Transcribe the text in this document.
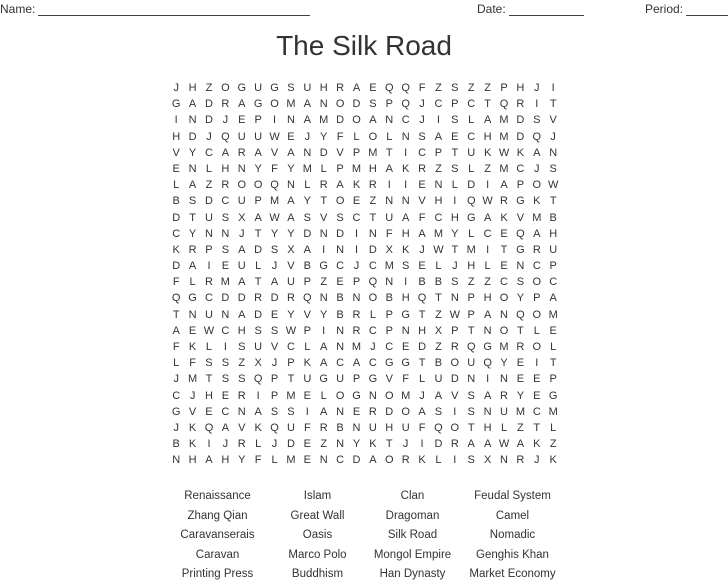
Name:	Date:	Period:
The Silk Road
J H Z O G U G S U H R A E Q Q F Z S Z Z P H J	I
G A D R A G O M A N O D S P Q J C P C T Q R I	T
I N D J E P	I N A M D O A N C J	I	S L A M D S V
H D J Q U U W E J Y F L O L N S A E C H M D Q J
V Y C A R A V A N D V P M T	I C P T U K W K A N
E N L H N Y F Y M L P M H A K R Z S L Z M C J S
L A Z R O O Q N L R A K R I	I	E N L D I	A P O W
B S D C U P M A Y T O E Z N N V H I Q W R G K T
D T U S X A W A S V S C T U A F C H G A K V M B
C Y N N J T Y Y D N D I N F H A M Y L C E Q A H
K R P S A D S X A	I N I D X K J W T M I	T G R U
D A	I	E U L J V B G C J C M S E L J H L E N C P
F L R M A T A U P Z E P Q N I	B B S Z Z C S O C
Q G C D D R D R Q N B N O B H Q T N P H O Y P A
T N U N A D E Y V Y B R L P G T Z W P A N Q O M
A E W C H S S W P	I N R C P N H X P T N O T L E
F K L	I	S U V C L A N M J C E D Z R Q G M R O L
L F S S Z X J P K A C A C G G T B O U Q Y E	I	T
J M T S S Q P T U G U P G V F L U D N I N E E P
C J H E R I	P M E L O G N O M J A V S A R Y E G
G V E C N A S S	I	A N E R D O A S	I	S N U M C M
J K Q A V K Q U F R B N U H U F Q O T H L Z T L
B K	I	J R L J D E Z N Y K T J	I D R A A W A K Z
N H A H Y F L M E N C D A O R K L	I	S X N R J K
Renaissance	Islam	Clan	Feudal System
Zhang Qian	Great Wall	Dragoman	Camel
Caravanserais	Oasis	Silk Road	Nomadic
Caravan	Marco Polo	Mongol Empire	Genghis Khan
Printing Press	Buddhism	Han Dynasty	Market Economy
